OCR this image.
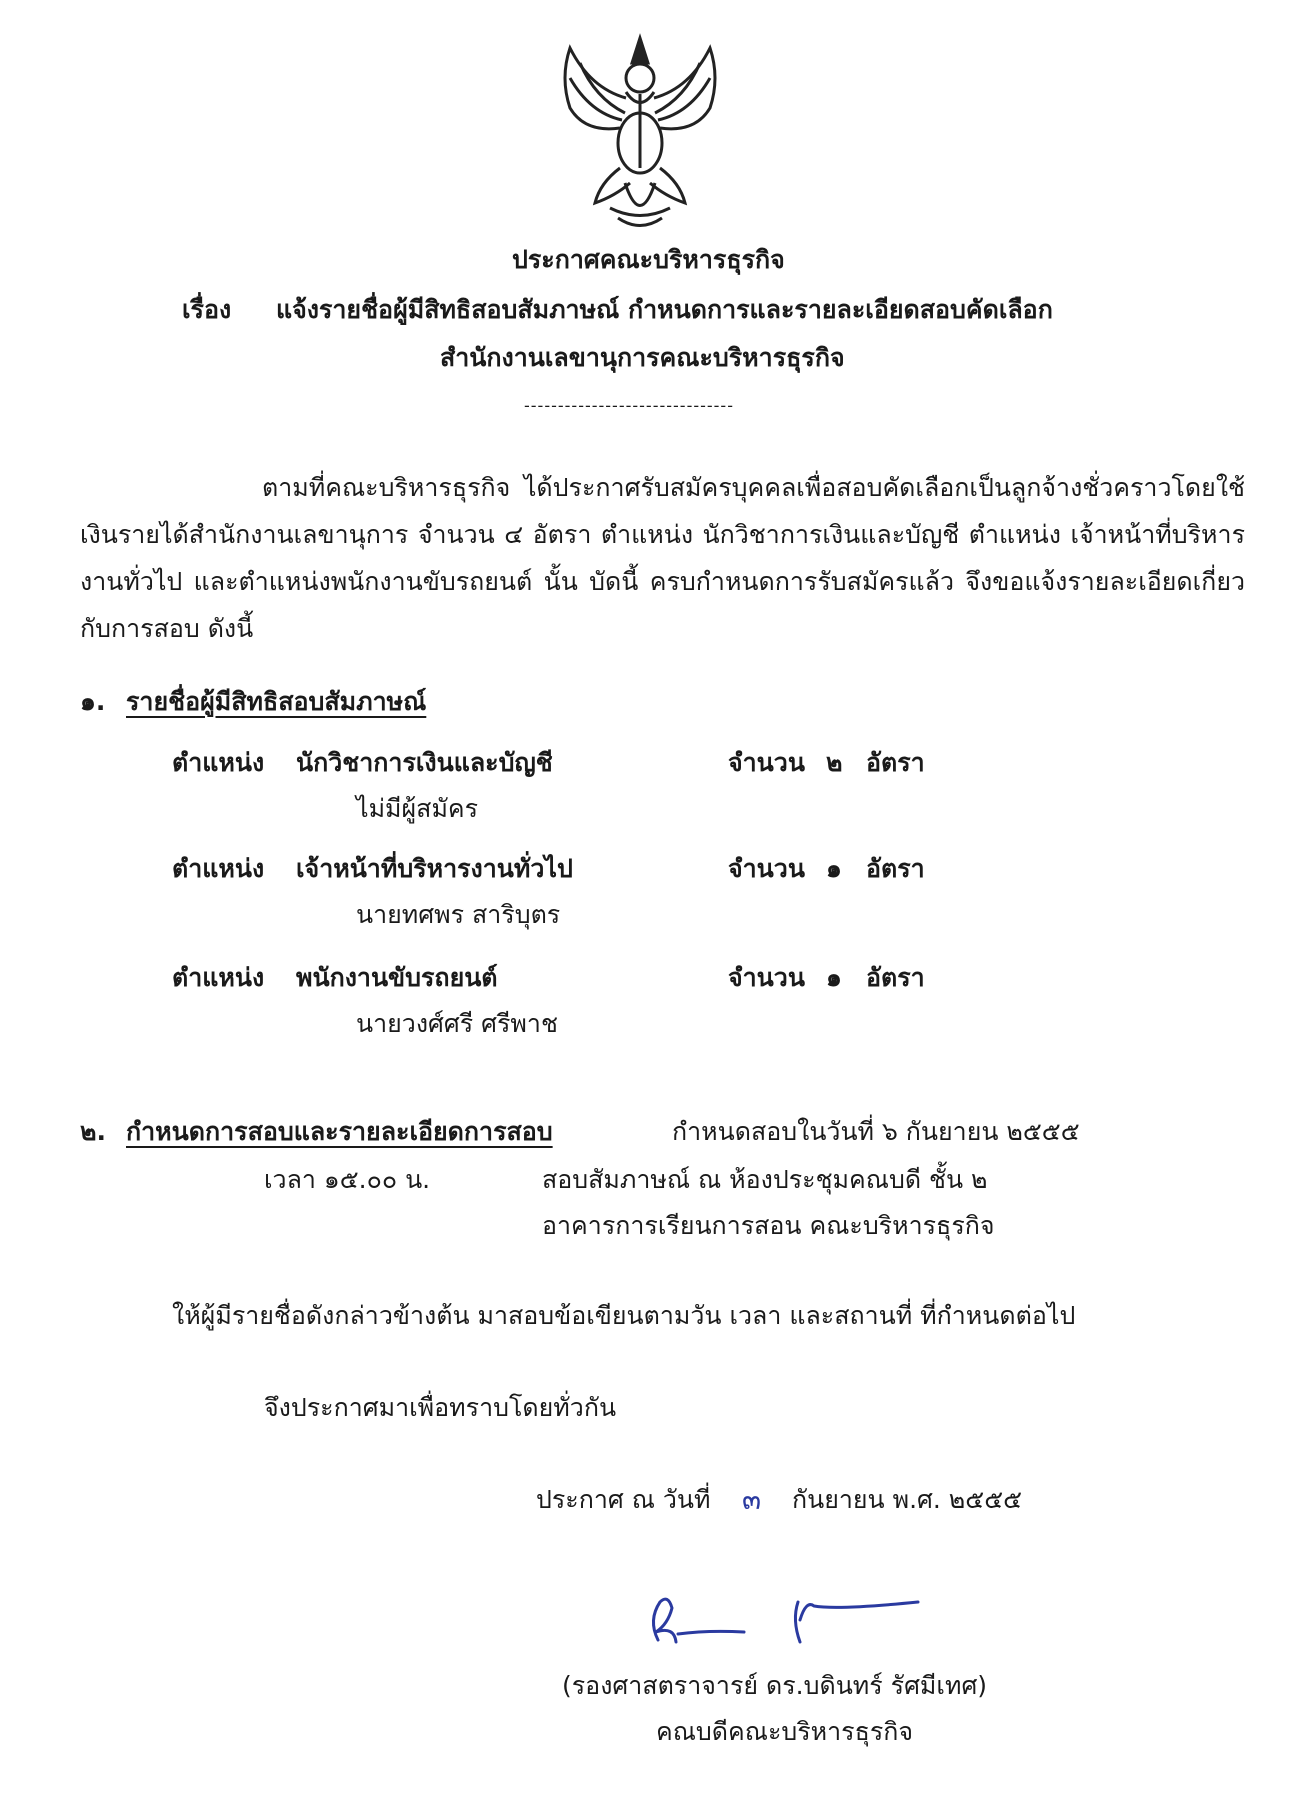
ประกาศคณะบริหารธุรกิจ
เรื่อง แจ้งรายชื่อผู้มีสิทธิสอบสัมภาษณ์ กำหนดการและรายละเอียดสอบคัดเลือก
สำนักงานเลขานุการคณะบริหารธุรกิจ
-------------------------------
ตามที่คณะบริหารธุรกิจ ได้ประกาศรับสมัครบุคคลเพื่อสอบคัดเลือกเป็นลูกจ้างชั่วคราวโดยใช้เงินรายได้สำนักงานเลขานุการ จำนวน ๔ อัตรา ตำแหน่ง นักวิชาการเงินและบัญชี ตำแหน่ง เจ้าหน้าที่บริหารงานทั่วไป และตำแหน่งพนักงานขับรถยนต์ นั้น บัดนี้ ครบกำหนดการรับสมัครแล้ว จึงขอแจ้งรายละเอียดเกี่ยวกับการสอบ ดังนี้
๑. รายชื่อผู้มีสิทธิสอบสัมภาษณ์
ตำแหน่ง นักวิชาการเงินและบัญชี	จำนวน ๒ อัตรา
ไม่มีผู้สมัคร
ตำแหน่ง เจ้าหน้าที่บริหารงานทั่วไป	จำนวน ๑ อัตรา
นายทศพร สาริบุตร
ตำแหน่ง พนักงานขับรถยนต์	จำนวน ๑ อัตรา
นายวงศ์ศรี ศรีพาช
๒. กำหนดการสอบและรายละเอียดการสอบ	กำหนดสอบในวันที่ ๖ กันยายน ๒๕๕๕
เวลา ๑๕.๐๐ น.	สอบสัมภาษณ์ ณ ห้องประชุมคณบดี ชั้น ๒
อาคารการเรียนการสอน คณะบริหารธุรกิจ
ให้ผู้มีรายชื่อดังกล่าวข้างต้น มาสอบข้อเขียนตามวัน เวลา และสถานที่ ที่กำหนดต่อไป
จึงประกาศมาเพื่อทราบโดยทั่วกัน
ประกาศ ณ วันที่ ๓ กันยายน พ.ศ. ๒๕๕๕
(รองศาสตราจารย์ ดร.บดินทร์ รัศมีเทศ)
คณบดีคณะบริหารธุรกิจ
